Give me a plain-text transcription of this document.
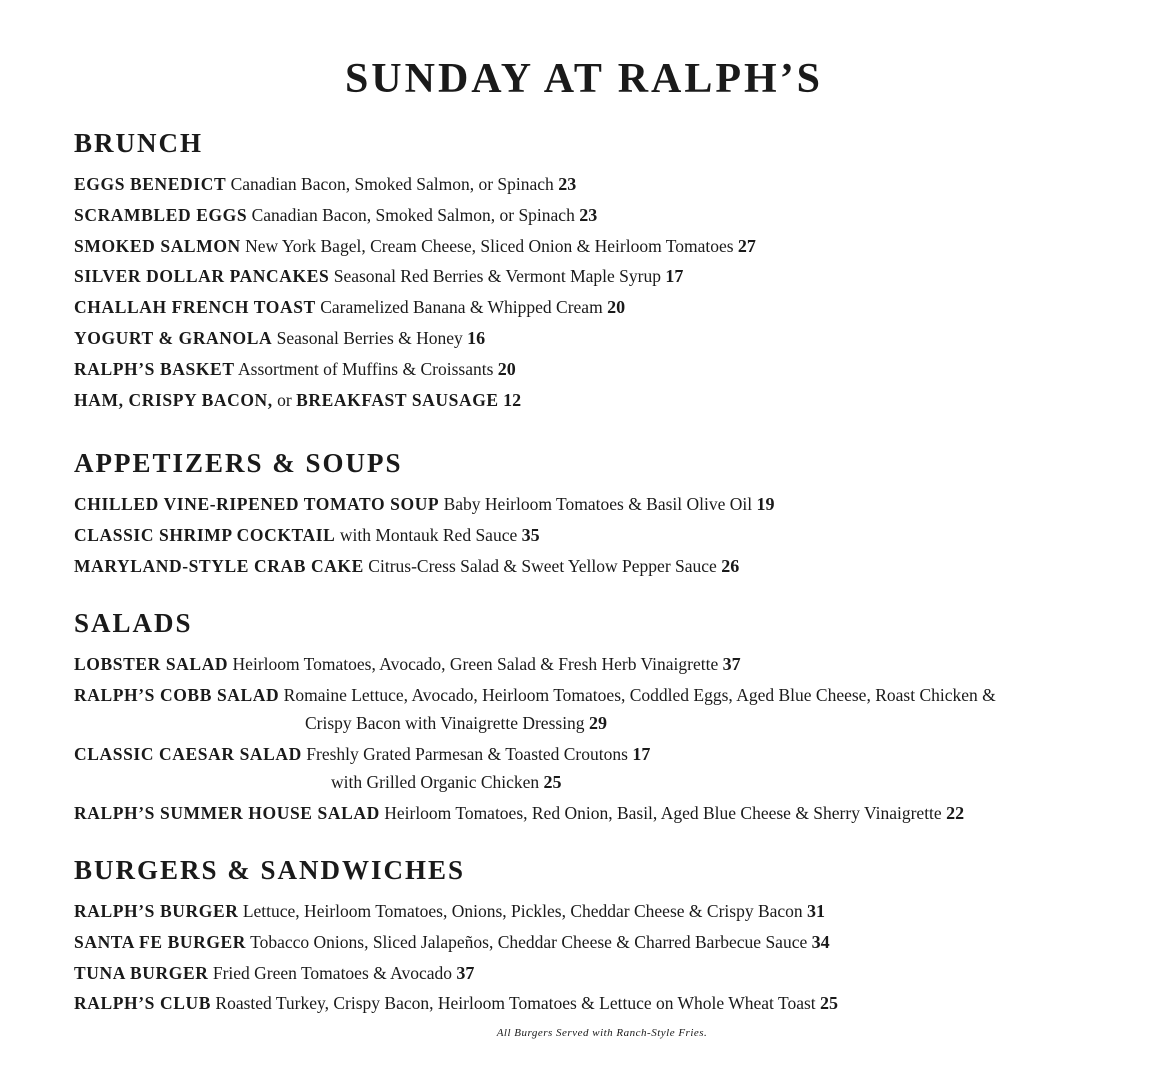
SUNDAY AT RALPH’S
BRUNCH

EGGS BENEDICT Canadian Bacon, Smoked Salmon, or Spinach 23

SCRAMBLED EGGS Canadian Bacon, Smoked Salmon, or Spinach 23

SMOKED SALMON New York Bagel, Cream Cheese, Sliced Onion & Heirloom Tomatoes 27

SILVER DOLLAR PANCAKES Seasonal Red Berries & Vermont Maple Syrup 17

CHALLAH FRENCH TOAST Caramelized Banana & Whipped Cream 20

YOGURT & GRANOLA Seasonal Berries & Honey 16

RALPH’S BASKET Assortment of Muffins & Croissants 20

HAM, CRISPY BACON, or BREAKFAST SAUSAGE 12

APPETIZERS & SOUPS

CHILLED VINE-RIPENED TOMATO SOUP Baby Heirloom Tomatoes & Basil Olive Oil 19

CLASSIC SHRIMP COCKTAIL with Montauk Red Sauce 35

MARYLAND-STYLE CRAB CAKE Citrus-Cress Salad & Sweet Yellow Pepper Sauce 26

SALADS

LOBSTER SALAD Heirloom Tomatoes, Avocado, Green Salad & Fresh Herb Vinaigrette 37

RALPH’S COBB SALAD Romaine Lettuce, Avocado, Heirloom Tomatoes, Coddled Eggs, Aged Blue Cheese, Roast Chicken &
Crispy Bacon with Vinaigrette Dressing 29

CLASSIC CAESAR SALAD Freshly Grated Parmesan & Toasted Croutons 17
with Grilled Organic Chicken 25

RALPH’S SUMMER HOUSE SALAD Heirloom Tomatoes, Red Onion, Basil, Aged Blue Cheese & Sherry Vinaigrette 22

BURGERS & SANDWICHES

RALPH’S BURGER Lettuce, Heirloom Tomatoes, Onions, Pickles, Cheddar Cheese & Crispy Bacon 31

SANTA FE BURGER Tobacco Onions, Sliced Jalapeños, Cheddar Cheese & Charred Barbecue Sauce 34

TUNA BURGER Fried Green Tomatoes & Avocado 37

RALPH’S CLUB Roasted Turkey, Crispy Bacon, Heirloom Tomatoes & Lettuce on Whole Wheat Toast 25

All Burgers Served with Ranch-Style Fries.
